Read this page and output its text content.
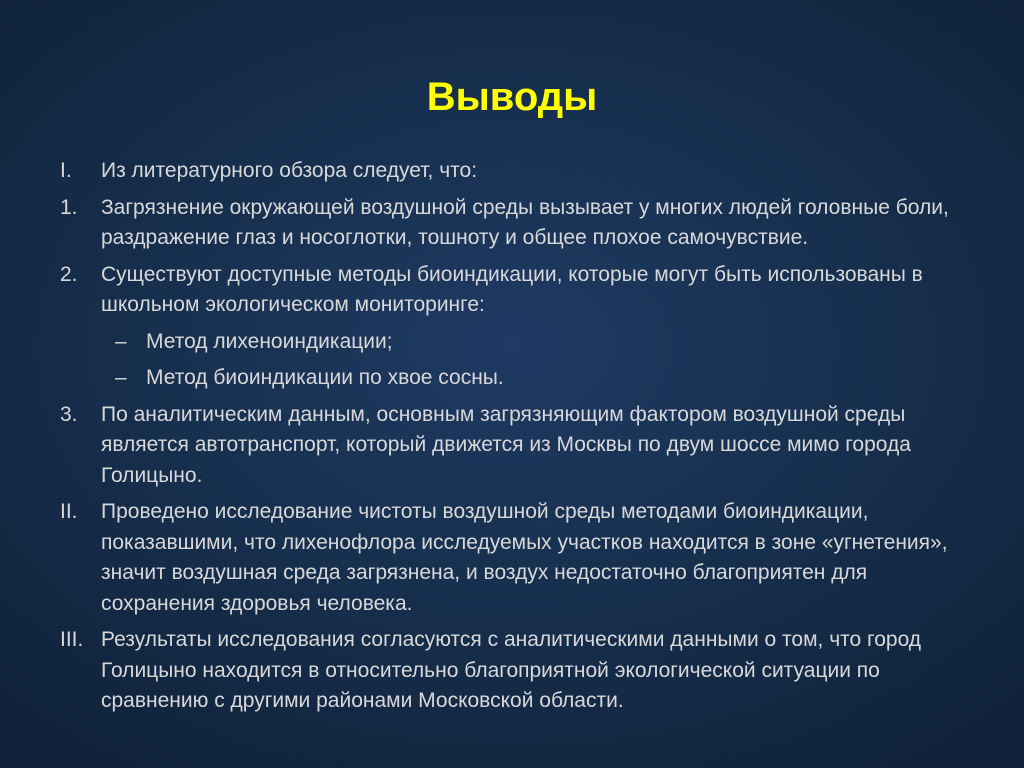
Выводы
I. Из литературного обзора следует, что:
1. Загрязнение окружающей воздушной среды вызывает у многих людей головные боли, раздражение глаз и носоглотки, тошноту и общее плохое самочувствие.
2. Существуют доступные методы биоиндикации, которые могут быть использованы в школьном экологическом мониторинге:
– Метод лихеноиндикации;
– Метод биоиндикации по хвое сосны.
3. По аналитическим данным, основным загрязняющим фактором воздушной среды является автотранспорт, который движется из Москвы по двум шоссе мимо города Голицыно.
II. Проведено исследование чистоты воздушной среды методами биоиндикации, показавшими, что лихенофлора исследуемых участков находится в зоне «угнетения», значит воздушная среда загрязнена, и воздух недостаточно благоприятен для сохранения здоровья человека.
III. Результаты исследования согласуются с аналитическими данными о том, что город Голицыно находится в относительно благоприятной экологической ситуации по сравнению с другими районами Московской области.
